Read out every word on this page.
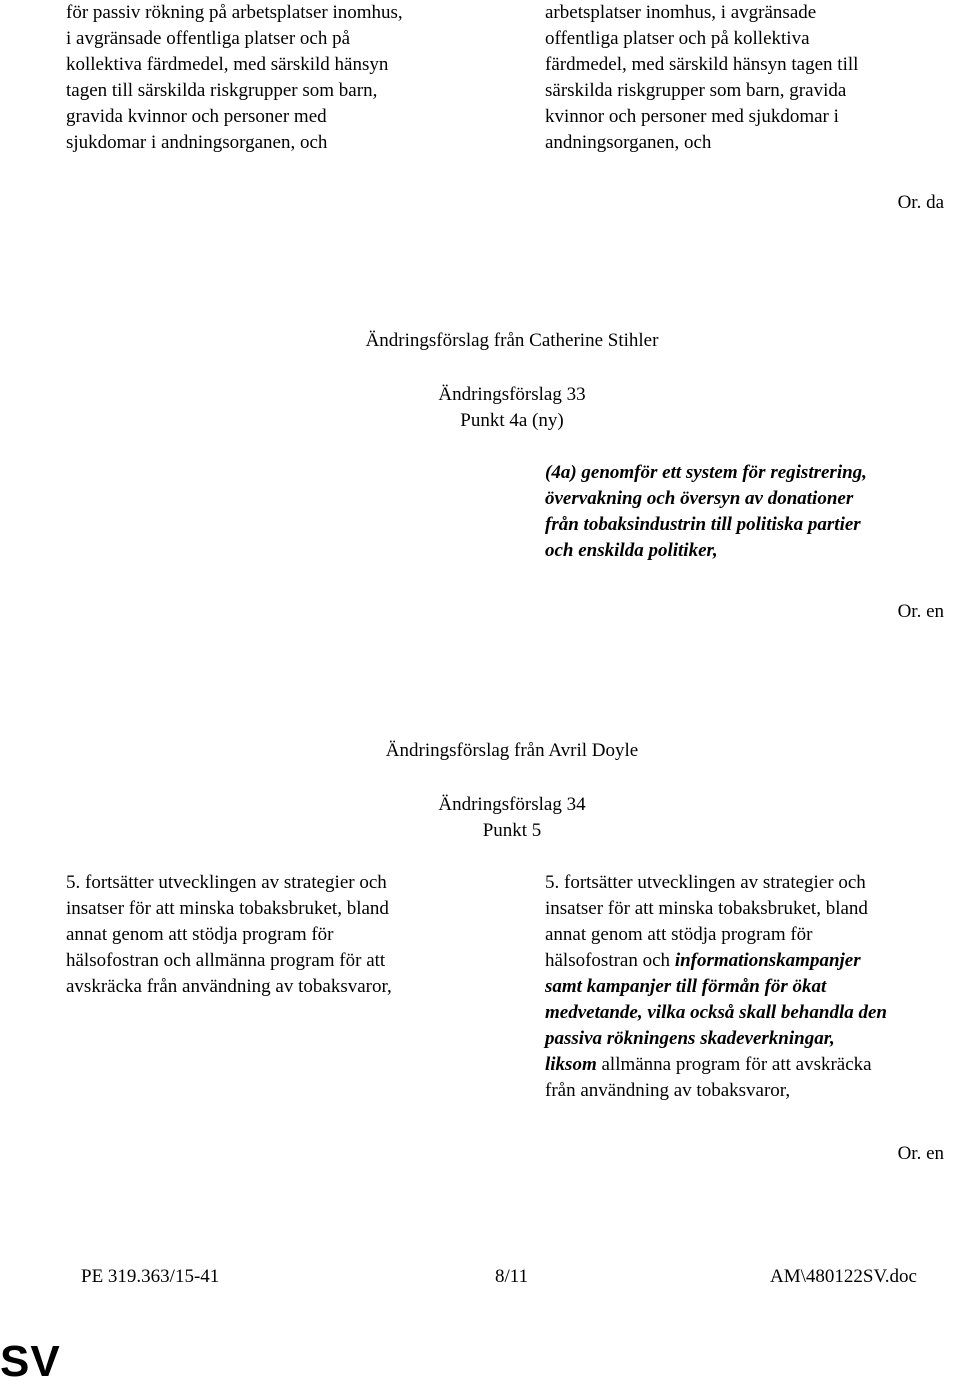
för passiv rökning på arbetsplatser inomhus,
i avgränsade offentliga platser och på
kollektiva färdmedel, med särskild hänsyn
tagen till särskilda riskgrupper som barn,
gravida kvinnor och personer med
sjukdomar i andningsorganen, och
arbetsplatser inomhus, i avgränsade
offentliga platser och på kollektiva
färdmedel, med särskild hänsyn tagen till
särskilda riskgrupper som barn, gravida
kvinnor och personer med sjukdomar i
andningsorganen, och
Or. da
Ändringsförslag från Catherine Stihler
Ändringsförslag 33
Punkt 4a (ny)
(4a) genomför ett system för registrering,
övervakning och översyn av donationer
från tobaksindustrin till politiska partier
och enskilda politiker,
Or. en
Ändringsförslag från Avril Doyle
Ändringsförslag 34
Punkt 5
5. fortsätter utvecklingen av strategier och
insatser för att minska tobaksbruket, bland
annat genom att stödja program för
hälsofostran och allmänna program för att
avskräcka från användning av tobaksvaror,
5. fortsätter utvecklingen av strategier och
insatser för att minska tobaksbruket, bland
annat genom att stödja program för
hälsofostran och informationskampanjer
samt kampanjer till förmån för ökat
medvetande, vilka också skall behandla den
passiva rökningens skadeverkningar,
liksom allmänna program för att avskräcka
från användning av tobaksvaror,
Or. en
PE 319.363/15-41	8/11	AM\480122SV.doc
SV
